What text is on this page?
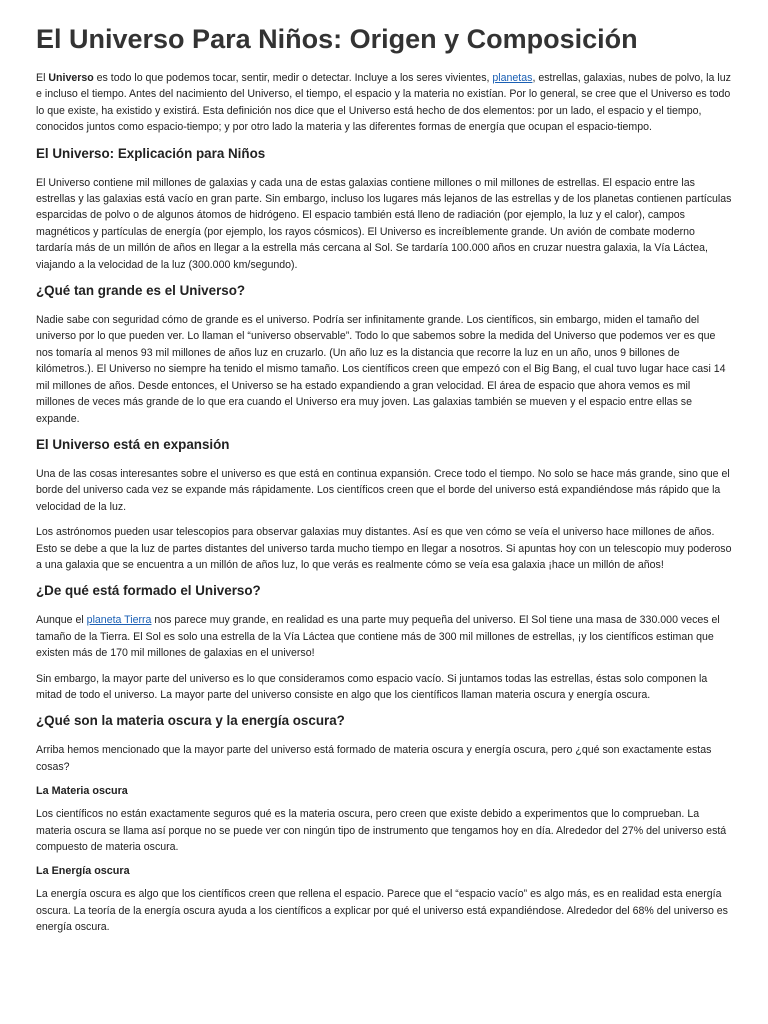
El Universo Para Niños: Origen y Composición

El Universo es todo lo que podemos tocar, sentir, medir o detectar. Incluye a los seres vivientes, planetas, estrellas, galaxias, nubes de polvo, la luz e incluso el tiempo. Antes del nacimiento del Universo, el tiempo, el espacio y la materia no existían. Por lo general, se cree que el Universo es todo lo que existe, ha existido y existirá. Esta definición nos dice que el Universo está hecho de dos elementos: por un lado, el espacio y el tiempo, conocidos juntos como espacio-tiempo; y por otro lado la materia y las diferentes formas de energía que ocupan el espacio-tiempo.

El Universo: Explicación para Niños

El Universo contiene mil millones de galaxias y cada una de estas galaxias contiene millones o mil millones de estrellas. El espacio entre las estrellas y las galaxias está vacío en gran parte. Sin embargo, incluso los lugares más lejanos de las estrellas y de los planetas contienen partículas esparcidas de polvo o de algunos átomos de hidrógeno. El espacio también está lleno de radiación (por ejemplo, la luz y el calor), campos magnéticos y partículas de energía (por ejemplo, los rayos cósmicos). El Universo es increíblemente grande. Un avión de combate moderno tardaría más de un millón de años en llegar a la estrella más cercana al Sol. Se tardaría 100.000 años en cruzar nuestra galaxia, la Vía Láctea, viajando a la velocidad de la luz (300.000 km/segundo).

¿Qué tan grande es el Universo?

Nadie sabe con seguridad cómo de grande es el universo. Podría ser infinitamente grande. Los científicos, sin embargo, miden el tamaño del universo por lo que pueden ver. Lo llaman el “universo observable”. Todo lo que sabemos sobre la medida del Universo que podemos ver es que nos tomaría al menos 93 mil millones de años luz en cruzarlo. (Un año luz es la distancia que recorre la luz en un año, unos 9 billones de kilómetros.). El Universo no siempre ha tenido el mismo tamaño. Los científicos creen que empezó con el Big Bang, el cual tuvo lugar hace casi 14 mil millones de años. Desde entonces, el Universo se ha estado expandiendo a gran velocidad. El área de espacio que ahora vemos es mil millones de veces más grande de lo que era cuando el Universo era muy joven. Las galaxias también se mueven y el espacio entre ellas se expande.

El Universo está en expansión

Una de las cosas interesantes sobre el universo es que está en continua expansión. Crece todo el tiempo. No solo se hace más grande, sino que el borde del universo cada vez se expande más rápidamente. Los científicos creen que el borde del universo está expandiéndose más rápido que la velocidad de la luz.

Los astrónomos pueden usar telescopios para observar galaxias muy distantes. Así es que ven cómo se veía el universo hace millones de años. Esto se debe a que la luz de partes distantes del universo tarda mucho tiempo en llegar a nosotros. Si apuntas hoy con un telescopio muy poderoso a una galaxia que se encuentra a un millón de años luz, lo que verás es realmente cómo se veía esa galaxia ¡hace un millón de años!

¿De qué está formado el Universo?

Aunque el planeta Tierra nos parece muy grande, en realidad es una parte muy pequeña del universo. El Sol tiene una masa de 330.000 veces el tamaño de la Tierra. El Sol es solo una estrella de la Vía Láctea que contiene más de 300 mil millones de estrellas, ¡y los científicos estiman que existen más de 170 mil millones de galaxias en el universo!

Sin embargo, la mayor parte del universo es lo que consideramos como espacio vacío. Si juntamos todas las estrellas, éstas solo componen la mitad de todo el universo. La mayor parte del universo consiste en algo que los científicos llaman materia oscura y energía oscura.

¿Qué son la materia oscura y la energía oscura?

Arriba hemos mencionado que la mayor parte del universo está formado de materia oscura y energía oscura, pero ¿qué son exactamente estas cosas?

La Materia oscura

Los científicos no están exactamente seguros qué es la materia oscura, pero creen que existe debido a experimentos que lo comprueban. La materia oscura se llama así porque no se puede ver con ningún tipo de instrumento que tengamos hoy en día. Alrededor del 27% del universo está compuesto de materia oscura.

La Energía oscura

La energía oscura es algo que los científicos creen que rellena el espacio. Parece que el “espacio vacío” es algo más, es en realidad esta energía oscura. La teoría de la energía oscura ayuda a los científicos a explicar por qué el universo está expandiéndose. Alrededor del 68% del universo es energía oscura.
